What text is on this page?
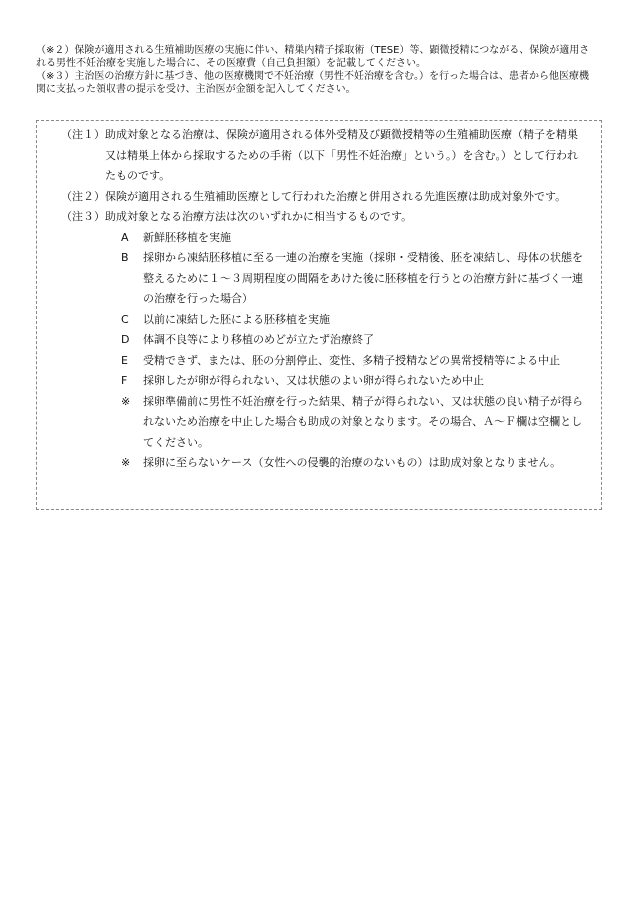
（※２）保険が適用される生殖補助医療の実施に伴い、精巣内精子採取術（TESE）等、顕微授精につながる、保険が適用される男性不妊治療を実施した場合に、その医療費（自己負担額）を記載してください。

（※３）主治医の治療方針に基づき、他の医療機関で不妊治療（男性不妊治療を含む。）を行った場合は、患者から他医療機関に支払った領収書の提示を受け、主治医が金額を記入してください。

（注１） 助成対象となる治療は、保険が適用される体外受精及び顕微授精等の生殖補助医療（精子を精巣又は精巣上体から採取するための手術（以下「男性不妊治療」という。）を含む。）として行われたものです。
（注２） 保険が適用される生殖補助医療として行われた治療と併用される先進医療は助成対象外です。
（注３） 助成対象となる治療方法は次のいずれかに相当するものです。
A	新鮮胚移植を実施
B	採卵から凍結胚移植に至る一連の治療を実施（採卵・受精後、胚を凍結し、母体の状態を整えるために１～３周期程度の間隔をあけた後に胚移植を行うとの治療方針に基づく一連の治療を行った場合）
C	以前に凍結した胚による胚移植を実施
D	体調不良等により移植のめどが立たず治療終了
E	受精できず、または、胚の分割停止、変性、多精子授精などの異常授精等による中止
F	採卵したが卵が得られない、又は状態のよい卵が得られないため中止
※	採卵準備前に男性不妊治療を行った結果、精子が得られない、又は状態の良い精子が得られないため治療を中止した場合も助成の対象となります。その場合、Ａ～Ｆ欄は空欄としてください。
※	採卵に至らないケース（女性への侵襲的治療のないもの）は助成対象となりません。
